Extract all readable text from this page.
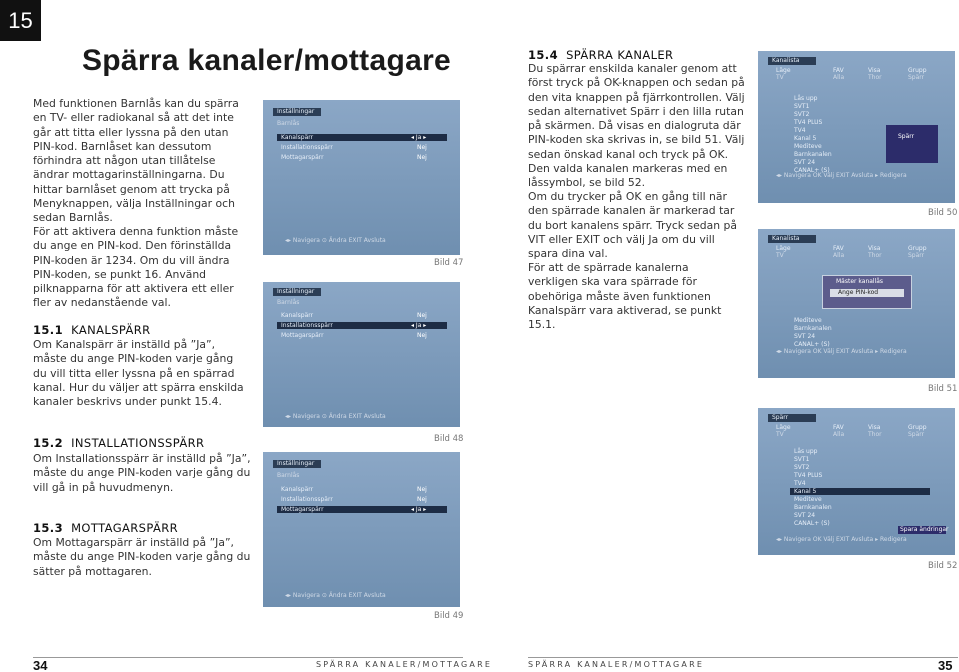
15
Spärra kanaler/mottagare

Med funktionen Barnlås kan du spärra en TV- eller radiokanal så att det inte går att titta eller lyssna på den utan PIN-kod. Barnlåset kan dessutom förhindra att någon utan tillåtelse ändrar mottagarinställningarna. Du hittar barnlåset genom att trycka på Menyknappen, välja Inställningar och sedan Barnlås.

För att aktivera denna funktion måste du ange en PIN-kod. Den förinställda PIN-koden är 1234. Om du vill ändra PIN-koden, se punkt 16. Använd pilknapparna för att aktivera ett eller fler av nedanstående val.

15.1 KANALSPÄRR

Om Kanalspärr är inställd på ”Ja”, måste du ange PIN-koden varje gång du vill titta eller lyssna på en spärrad kanal. Hur du väljer att spärra enskilda kanaler beskrivs under punkt 15.4.

15.2 INSTALLATIONSSPÄRR

Om Installationsspärr är inställd på ”Ja”, måste du ange PIN-koden varje gång du vill gå in på huvudmenyn.

15.3 MOTTAGARSPÄRR

Om Mottagarspärr är inställd på ”Ja”, måste du ange PIN-koden varje gång du sätter på mottagaren.

Inställningar
Barnlås
Kanalspärr	◂ Ja ▸
Installationsspärr	Nej
Mottagarspärr	Nej
◂▸ Navigera ⊙ Ändra EXIT Avsluta
Bild 47
Inställningar
Barnlås
Kanalspärr	Nej
Installationsspärr	◂ Ja ▸
Mottagarspärr	Nej
◂▸ Navigera ⊙ Ändra EXIT Avsluta
Bild 48
Inställningar
Barnlås
Kanalspärr	Nej
Installationsspärr	Nej
Mottagarspärr	◂ Ja ▸
◂▸ Navigera ⊙ Ändra EXIT Avsluta
Bild 49
15.4 SPÄRRA KANALER

Du spärrar enskilda kanaler genom att först tryck på OK-knappen och sedan på den vita knappen på fjärrkontrollen. Välj sedan alternativet Spärr i den lilla rutan på skärmen. Då visas en dialogruta där PIN-koden ska skrivas in, se bild 51. Välj sedan önskad kanal och tryck på OK. Den valda kanalen markeras med en låssymbol, se bild 52.

Om du trycker på OK en gång till när den spärrade kanalen är markerad tar du bort kanalens spärr. Tryck sedan på VIT eller EXIT och välj Ja om du vill spara dina val.

För att de spärrade kanalerna verkligen ska vara spärrade för obehöriga måste även funktionen Kanalspärr vara aktiverad, se punkt 15.1.

Kanalista
Läge	FAV	Visa	Grupp
TV	Alla	Thor	Spärr
Lås upp
SVT1
SVT2
TV4 PLUS
TV4
Kanal 5
Mediteve
Barnkanalen
SVT 24
CANAL+ (S)
Spärr
◂▸ Navigera OK Välj EXIT Avsluta ▸ Redigera
Bild 50
Kanalista
Läge	FAV	Visa	Grupp
TV	Alla	Thor	Spärr
Mäster kanallås
Ange PIN-kod
Mediteve
Barnkanalen
SVT 24
CANAL+ (S)
◂▸ Navigera OK Välj EXIT Avsluta ▸ Redigera
Bild 51
Spärr
Läge	FAV	Visa	Grupp
TV	Alla	Thor	Spärr
Lås upp
SVT1
SVT2
TV4 PLUS
TV4
Kanal 5
Mediteve
Barnkanalen
SVT 24
CANAL+ (S)
Spara ändringar
◂▸ Navigera OK Välj EXIT Avsluta ▸ Redigera
Bild 52
34	SPÄRRA KANALER/MOTTAGARE	SPÄRRA KANALER/MOTTAGARE	35
